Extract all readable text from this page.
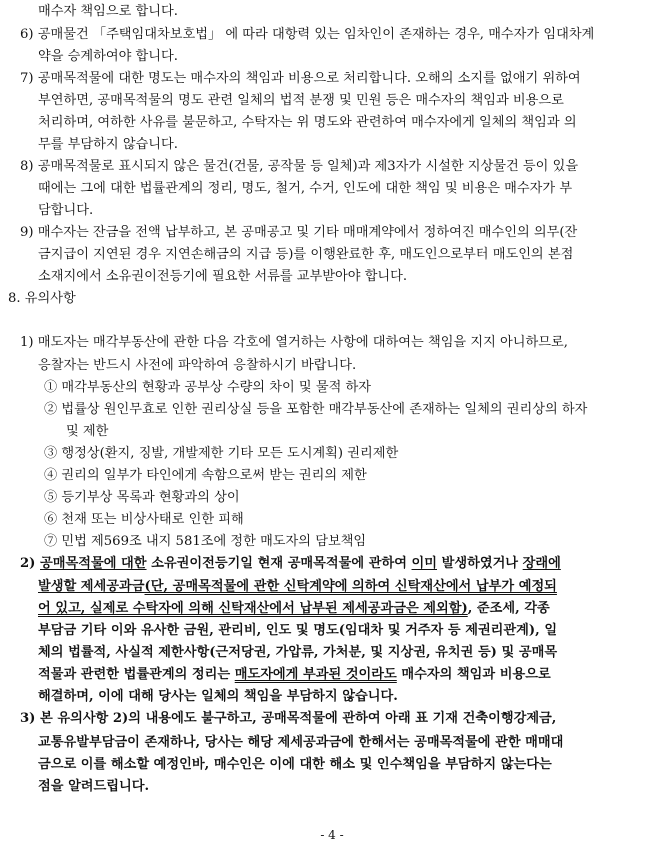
매수자 책임으로 합니다.
6) 공매물건 「주택임대차보호법」 에 따라 대항력 있는 임차인이 존재하는 경우, 매수자가 임대차계
약을 승계하여야 합니다.
7) 공매목적물에 대한 명도는 매수자의 책임과 비용으로 처리합니다. 오해의 소지를 없애기 위하여
부연하면, 공매목적물의 명도 관련 일체의 법적 분쟁 및 민원 등은 매수자의 책임과 비용으로
처리하며, 여하한 사유를 불문하고, 수탁자는 위 명도와 관련하여 매수자에게 일체의 책임과 의
무를 부담하지 않습니다.
8) 공매목적물로 표시되지 않은 물건(건물, 공작물 등 일체)과 제3자가 시설한 지상물건 등이 있을
때에는 그에 대한 법률관계의 정리, 명도, 철거, 수거, 인도에 대한 책임 및 비용은 매수자가 부
담합니다.
9) 매수자는 잔금을 전액 납부하고, 본 공매공고 및 기타 매매계약에서 정하여진 매수인의 의무(잔
금지급이 지연된 경우 지연손해금의 지급 등)를 이행완료한 후, 매도인으로부터 매도인의 본점
소재지에서 소유권이전등기에 필요한 서류를 교부받아야 합니다.
8. 유의사항
1) 매도자는 매각부동산에 관한 다음 각호에 열거하는 사항에 대하여는 책임을 지지 아니하므로,
응찰자는 반드시 사전에 파악하여 응찰하시기 바랍니다.
① 매각부동산의 현황과 공부상 수량의 차이 및 물적 하자
② 법률상 원인무효로 인한 권리상실 등을 포함한 매각부동산에 존재하는 일체의 권리상의 하자
및 제한
③ 행정상(환지, 징발, 개발제한 기타 모든 도시계획) 권리제한
④ 권리의 일부가 타인에게 속함으로써 받는 권리의 제한
⑤ 등기부상 목록과 현황과의 상이
⑥ 천재 또는 비상사태로 인한 피해
⑦ 민법 제569조 내지 581조에 정한 매도자의 담보책임
2) 공매목적물에 대한 소유권이전등기일 현재 공매목적물에 관하여 이미 발생하였거나 장래에
발생할 제세공과금(단, 공매목적물에 관한 신탁계약에 의하여 신탁재산에서 납부가 예정되
어 있고, 실제로 수탁자에 의해 신탁재산에서 납부된 제세공과금은 제외함), 준조세, 각종
부담금 기타 이와 유사한 금원, 관리비, 인도 및 명도(임대차 및 거주자 등 제권리관계), 일
체의 법률적, 사실적 제한사항(근저당권, 가압류, 가처분, 및 지상권, 유치권 등) 및 공매목
적물과 관련한 법률관계의 정리는 매도자에게 부과된 것이라도 매수자의 책임과 비용으로
해결하며, 이에 대해 당사는 일체의 책임을 부담하지 않습니다.
3) 본 유의사항 2)의 내용에도 불구하고, 공매목적물에 관하여 아래 표 기재 건축이행강제금,
교통유발부담금이 존재하나, 당사는 해당 제세공과금에 한해서는 공매목적물에 관한 매매대
금으로 이를 해소할 예정인바, 매수인은 이에 대한 해소 및 인수책임을 부담하지 않는다는
점을 알려드립니다.
- 4 -
